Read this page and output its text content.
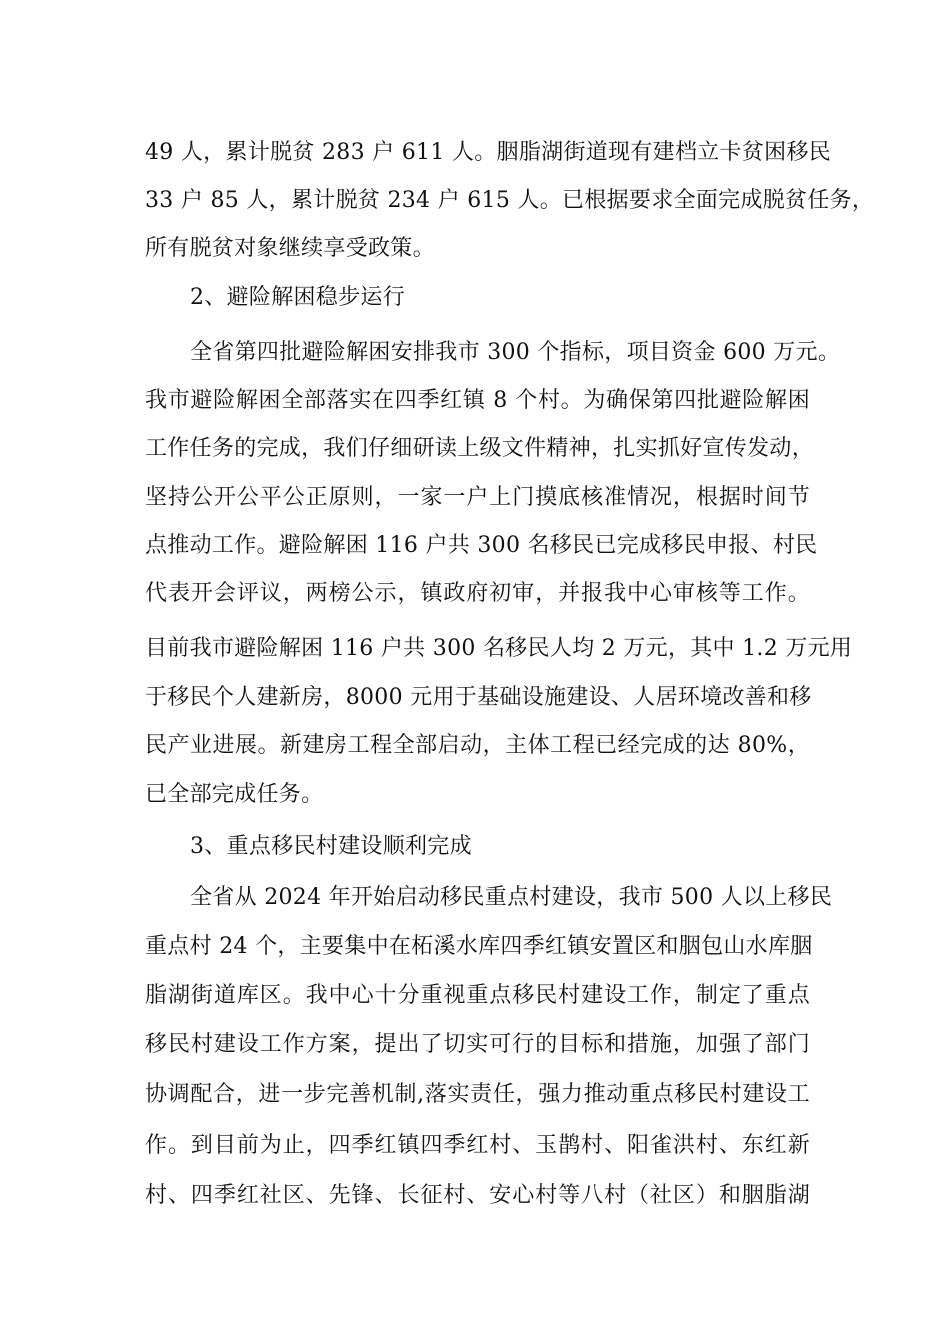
49 人，累计脱贫 283 户 611 人。胭脂湖街道现有建档立卡贫困移民
33 户 85 人，累计脱贫 234 户 615 人。已根据要求全面完成脱贫任务，
所有脱贫对象继续享受政策。
2、避险解困稳步运行
全省第四批避险解困安排我市 300 个指标，项目资金 600 万元。
我市避险解困全部落实在四季红镇 8 个村。为确保第四批避险解困
工作任务的完成，我们仔细研读上级文件精神，扎实抓好宣传发动，
坚持公开公平公正原则，一家一户上门摸底核准情况，根据时间节
点推动工作。避险解困 116 户共 300 名移民已完成移民申报、村民
代表开会评议，两榜公示，镇政府初审，并报我中心审核等工作。
目前我市避险解困 116 户共 300 名移民人均 2 万元，其中 1.2 万元用
于移民个人建新房，8000 元用于基础设施建设、人居环境改善和移
民产业进展。新建房工程全部启动，主体工程已经完成的达 80%，
已全部完成任务。
3、重点移民村建设顺利完成
全省从 2024 年开始启动移民重点村建设，我市 500 人以上移民
重点村 24 个，主要集中在柘溪水库四季红镇安置区和胭包山水库胭
脂湖街道库区。我中心十分重视重点移民村建设工作，制定了重点
移民村建设工作方案，提出了切实可行的目标和措施，加强了部门
协调配合，进一步完善机制,落实责任，强力推动重点移民村建设工
作。到目前为止，四季红镇四季红村、玉鹊村、阳雀洪村、东红新
村、四季红社区、先锋、长征村、安心村等八村（社区）和胭脂湖
